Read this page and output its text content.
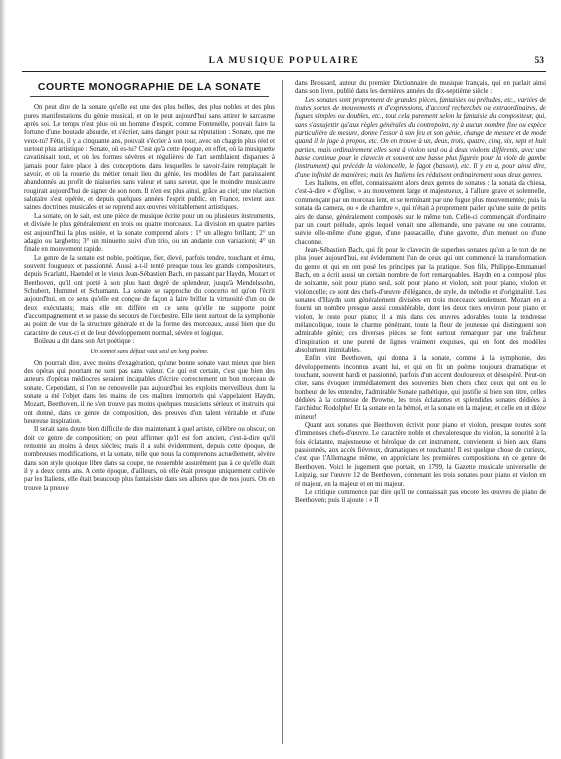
LA MUSIQUE POPULAIRE	53
COURTE MONOGRAPHIE DE LA SONATE

On peut dire de la sonate qu'elle est une des plus belles, des plus nobles et des plus pures manifestations du génie musical, et on le peut aujourd'hui sans attirer le sarcasme après soi. Le temps n'est plus où un homme d'esprit, comme Fontenelle, pouvait faire la fortune d'une boutade absurde, et s'écrier, sans danger pour sa réputation : Sonate, que me veux-tu? Fétis, il y a cinquante ans, pouvait s'écrier à son tour, avec un chagrin plus réel et surtout plus artistique : Sonate, où es-tu? C'est qu'à cette époque, en effet, où la musiquette cavatinisait tout, et où les formes sévères et régulières de l'art semblaient disparues à jamais pour faire place à des conceptions dans lesquelles le savoir-faire remplaçait le savoir, et où la rouerie du métier tenait lieu du génie, les modèles de l'art paraissaient abandonnés au profit de niaiseries sans valeur et sans saveur, que le moindre musicastre rougirait aujourd'hui de signer de son nom. Il n'en est plus ainsi, grâce au ciel; une réaction salutaire s'est opérée, et depuis quelques années l'esprit public, en France, revient aux saines doctrines musicales et se reprend aux œuvres véritablement artistiques.

La sonate, on le sait, est une pièce de musique écrite pour un ou plusieurs instruments, et divisée le plus généralement en trois ou quatre morceaux. La division en quatre parties est aujourd'hui la plus usitée, et la sonate comprend alors : 1° un allegro brillant; 2° un adagio ou larghetto; 3° un minuetto suivi d'un trio, ou un andante con variazioni; 4° un finale en mouvement rapide.

Le genre de la sonate est noble, poétique, fier, élevé, parfois tendre, touchant et ému, souvent fougueux et passionné. Aussi a-t-il tenté presque tous les grands compositeurs, depuis Scarlatti, Haendel et le vieux Jean-Sébastien Bach, en passant par Haydn, Mozart et Beethoven, qu'il ont porté à son plus haut degré de splendeur, jusqu'à Mendelssohn, Schubert, Hummel et Schumann. La sonate se rapproche du concerto tel qu'on l'écrit aujourd'hui, en ce sens qu'elle est conçue de façon à faire briller la virtuosité d'un ou de deux exécutants; mais elle en diffère en ce sens qu'elle ne supporte point d'accompagnement et se passe du secours de l'orchestre. Elle tient surtout de la symphonie au point de vue de la structure générale et de la forme des morceaux, aussi bien que du caractère de ceux-ci et de leur développement normal, sévère et logique.

Boileau a dit dans son Art poétique :

Un sonnet sans défaut vaut seul un long poème.

On pourrait dire, avec moins d'exagération, qu'une bonne sonate vaut mieux que bien des opéras qui pourtant ne sont pas sans valeur. Ce qui est certain, c'est que bien des auteurs d'opéras médiocres seraient incapables d'écrire correctement un bon morceau de sonate. Cependant, si l'on ne renouvelle pas aujourd'hui les exploits merveilleux dont la sonate a été l'objet dans les mains de ces maîtres immortels qui s'appelaient Haydn, Mozart, Beethoven, il ne s'en trouve pas moins quelques musiciens sérieux et instruits qui ont donné, dans ce genre de composition, des preuves d'un talent véritable et d'une heureuse inspiration.

Il serait sans doute bien difficile de dire maintenant à quel artiste, célèbre ou obscur, on doit ce genre de composition; on peut affirmer qu'il est fort ancien, c'est-à-dire qu'il remonte au moins à deux siècles; mais il a subi évidemment, depuis cette époque, de nombreuses modifications, et la sonate, telle que nous la comprenons actuellement, sévère dans son style quoique libre dans sa coupe, ne ressemble assurément pas à ce qu'elle était il y a deux cents ans. A cette époque, d'ailleurs, où elle était presque uniquement cultivée par les Italiens, elle était beaucoup plus fantaisiste dans ses allures que de nos jours. On en trouve la preuve

dans Brossard, auteur du premier Dictionnaire de musique français, qui en parlait ainsi dans son livre, publié dans les dernières années du dix-septième siècle :

Les sonates sont proprement de grandes pièces, fantaisies ou préludes, etc., variées de toutes sortes de mouvements et d'expressions, d'accord recherchés ou extraordinaires, de fugues simples ou doubles, etc., tout cela purement selon la fantaisie du compositeur, qui, sans s'assujettir qu'aux règles générales du contrepoint, ny à aucun nombre fixe ou espèce particulière de mesure, donne l'essor à son feu et son génie, change de mesure et de mode quand il le juge à propos, etc. On en trouve à un, deux, trois, quatre, cinq, six, sept et huit parties, mais ordinairement elles sont à violon seul ou à deux violons différents, avec une basse continue pour le clavecin et souvent une basse plus figurée pour la viole de gambe (instrument) qui précède la violoncelle, le fagot (basson), etc. Il y en a, pour ainsi dire, d'une infinité de manières; mais les Italiens les réduisent ordinairement sous deux genres.

Les Italiens, en effet, connaissaient alors deux genres de sonates : la sonata da chiesa, c'est-à-dire « d'église, » au mouvement large et majestueux, à l'allure grave et solennelle, commençant par un morceau lent, et se terminant par une fugue plus mouvementée; puis la sonata da camera, ou « de chambre », qui n'était à proprement parler qu'une suite de petits airs de danse, généralement composés sur le même ton. Celle-ci commençait d'ordinaire par un court prélude, après lequel venait une allemande, une pavane ou une courante, suivie elle-même d'une gigue, d'une passacaille, d'une gavotte, d'un menuet ou d'une chaconne.

Jean-Sébastien Bach, qui fit pour le clavecin de superbes sonates qu'on a le tort de ne plus jouer aujourd'hui, est évidemment l'un de ceux qui ont commencé la transformation du genre et qui en ont posé les principes par la pratique. Son fils, Philippe-Emmanuel Bach, en a écrit aussi un certain nombre de fort remarquables. Haydn en a composé plus de soixante, soit pour piano seul, soit pour piano et violon, soit pour piano, violon et violoncelle; ce sont des chefs-d'œuvre d'élégance, de style, de mélodie et d'originalité. Les sonates d'Haydn sont généralement divisées en trois morceaux seulement. Mozart en a fourni un nombre presque aussi considérable, dont les deux tiers environ pour piano et violon, le reste pour piano; il a mis dans ces œuvres adorables toute la tendresse mélancolique, toute le charme pénétrant, toute la fleur de jeunesse qui distinguent son admirable génie; ces diverses pièces se font surtout remarquer par une fraîcheur d'inspiration et une pureté de lignes vraiment exquises, qui en font des modèles absolument inimitables.

Enfin vint Beethoven, qui donna à la sonate, comme à la symphonie, des développements inconnus avant lui, et qui en fit un poème toujours dramatique et touchant, souvent hardi et passionné, parfois d'un accent douloureux et désespéré. Peut-on citer, sans évoquer immédiatement des souvenirs bien chers chez ceux qui ont eu le bonheur de les entendre, l'admirable Sonate pathétique, qui justifie si bien son titre, celles dédiées à la comtesse de Browne, les trois éclatantes et splendides sonates dédiées à l'archiduc Rodolphe! Et la sonate en la bémol, et la sonate en la majeur, et celle en ut dièze mineur!

Quant aux sonates que Beethoven écrivit pour piano et violon, presque toutes sont d'immenses chefs-d'œuvre. Le caractère noble et chevaleresque du violon, la sonorité à la fois éclatante, majestueuse et héroïque de cet instrument, convienent si bien aux élans passionnés, aux accès fiévreux, dramatiques et touchants! Il est quelque chose de curieux, c'est que l'Allemagne même, en appréciant les premières compositions en ce genre de Beethoven. Voici le jugement que portait, en 1799, la Gazette musicale universelle de Leipzig, sur l'œuvre 12 de Beethoven, contenant les trois sonates pour piano et violon en ré majeur, en la majeur et en mi majeur.

Le critique commence par dire qu'il ne connaissait pas encore les œuvres de piano de Beethoven; puis il ajoute : « Il
